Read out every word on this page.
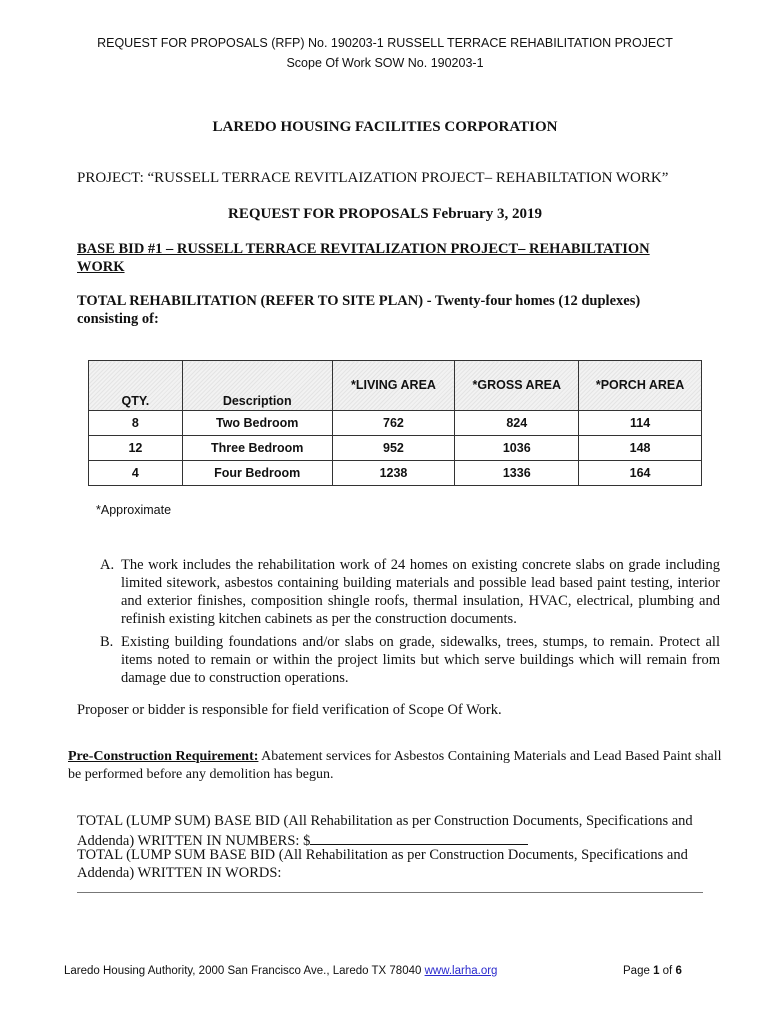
REQUEST FOR PROPOSALS (RFP) No. 190203-1 RUSSELL TERRACE REHABILITATION PROJECT
Scope Of Work SOW No. 190203-1
LAREDO HOUSING FACILITIES CORPORATION
PROJECT: “RUSSELL TERRACE REVITLAIZATION PROJECT– REHABILTATION WORK”
REQUEST FOR PROPOSALS February 3, 2019
BASE BID #1 – RUSSELL TERRACE REVITALIZATION PROJECT– REHABILTATION
WORK
TOTAL REHABILITATION (REFER TO SITE PLAN) - Twenty-four homes (12 duplexes)
consisting of:
QTY.	Description	*LIVING AREA	*GROSS AREA	*PORCH AREA
8	Two Bedroom	762	824	114
12	Three Bedroom	952	1036	148
4	Four Bedroom	1238	1336	164
*Approximate
A. The work includes the rehabilitation work of 24 homes on existing concrete slabs on grade including limited sitework, asbestos containing building materials and possible lead based paint testing, interior and exterior finishes, composition shingle roofs, thermal insulation, HVAC, electrical, plumbing and refinish existing kitchen cabinets as per the construction documents.
B. Existing building foundations and/or slabs on grade, sidewalks, trees, stumps, to remain. Protect all items noted to remain or within the project limits but which serve buildings which will remain from damage due to construction operations.
Proposer or bidder is responsible for field verification of Scope Of Work.
Pre-Construction Requirement: Abatement services for Asbestos Containing Materials and Lead Based Paint shall be performed before any demolition has begun.
TOTAL (LUMP SUM) BASE BID (All Rehabilitation as per Construction Documents, Specifications and
Addenda) WRITTEN IN NUMBERS: $
TOTAL (LUMP SUM BASE BID (All Rehabilitation as per Construction Documents, Specifications and
Addenda) WRITTEN IN WORDS:
Laredo Housing Authority, 2000 San Francisco Ave., Laredo TX 78040 www.larha.org	Page 1 of 6
